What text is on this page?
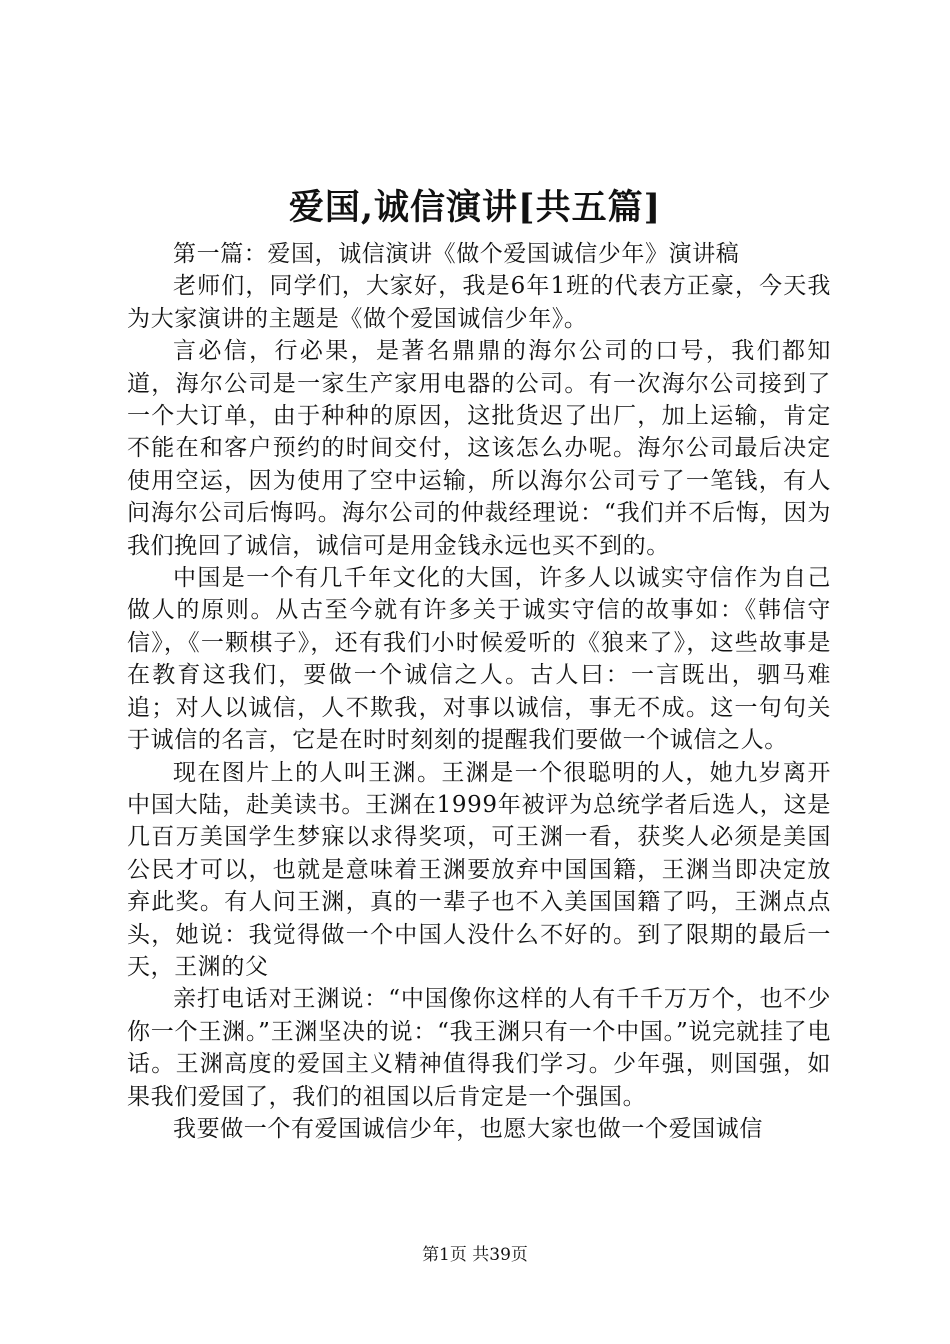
爱国,诚信演讲[共五篇]

第一篇：爱国，诚信演讲《做个爱国诚信少年》演讲稿

老师们，同学们，大家好，我是6年1班的代表方正豪，今天我为大家演讲的主题是《做个爱国诚信少年》。

言必信，行必果，是著名鼎鼎的海尔公司的口号，我们都知道，海尔公司是一家生产家用电器的公司。有一次海尔公司接到了一个大订单，由于种种的原因，这批货迟了出厂，加上运输，肯定不能在和客户预约的时间交付，这该怎么办呢。海尔公司最后决定使用空运，因为使用了空中运输，所以海尔公司亏了一笔钱，有人问海尔公司后悔吗。海尔公司的仲裁经理说：“我们并不后悔，因为我们挽回了诚信，诚信可是用金钱永远也买不到的。

中国是一个有几千年文化的大国，许多人以诚实守信作为自己做人的原则。从古至今就有许多关于诚实守信的故事如：《韩信守信》，《一颗棋子》，还有我们小时候爱听的《狼来了》，这些故事是在教育这我们，要做一个诚信之人。古人曰：一言既出，驷马难追；对人以诚信，人不欺我，对事以诚信，事无不成。这一句句关于诚信的名言，它是在时时刻刻的提醒我们要做一个诚信之人。

现在图片上的人叫王渊。王渊是一个很聪明的人，她九岁离开中国大陆，赴美读书。王渊在1999年被评为总统学者后选人，这是几百万美国学生梦寐以求得奖项，可王渊一看，获奖人必须是美国公民才可以，也就是意味着王渊要放弃中国国籍，王渊当即决定放弃此奖。有人问王渊，真的一辈子也不入美国国籍了吗，王渊点点头，她说：我觉得做一个中国人没什么不好的。到了限期的最后一天，王渊的父

亲打电话对王渊说：“中国像你这样的人有千千万万个，也不少你一个王渊。”王渊坚决的说：“我王渊只有一个中国。”说完就挂了电话。王渊高度的爱国主义精神值得我们学习。少年强，则国强，如果我们爱国了，我们的祖国以后肯定是一个强国。

我要做一个有爱国诚信少年，也愿大家也做一个爱国诚信

第1页 共39页
